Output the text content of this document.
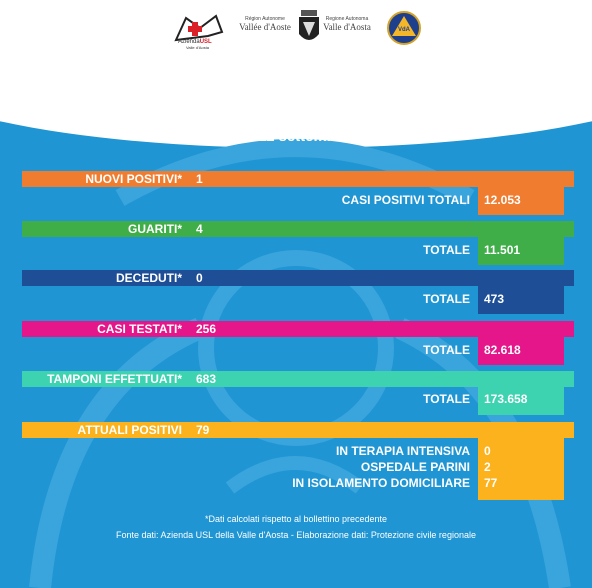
AziendaUSL
Valle d'Aosta
Région Autonome
Vallée d'Aoste
Regione Autonoma
Valle d'Aosta	VdA
BOLLETTINO DI AGGIORNAMENTO N. 455
COVID-19 - Situazione in Valle d'Aosta
Sabato 11 settembre 2021
NUOVI POSITIVI* 1
CASI POSITIVI TOTALI 12.053
GUARITI* 4
TOTALE 11.501
DECEDUTI* 0
TOTALE 473
CASI TESTATI* 256
TOTALE 82.618
TAMPONI EFFETTUATI* 683
TOTALE 173.658
ATTUALI POSITIVI 79
IN TERAPIA INTENSIVA 0
OSPEDALE PARINI 2
IN ISOLAMENTO DOMICILIARE 77
*Dati calcolati rispetto al bollettino precedente
Fonte dati: Azienda USL della Valle d'Aosta - Elaborazione dati: Protezione civile regionale
